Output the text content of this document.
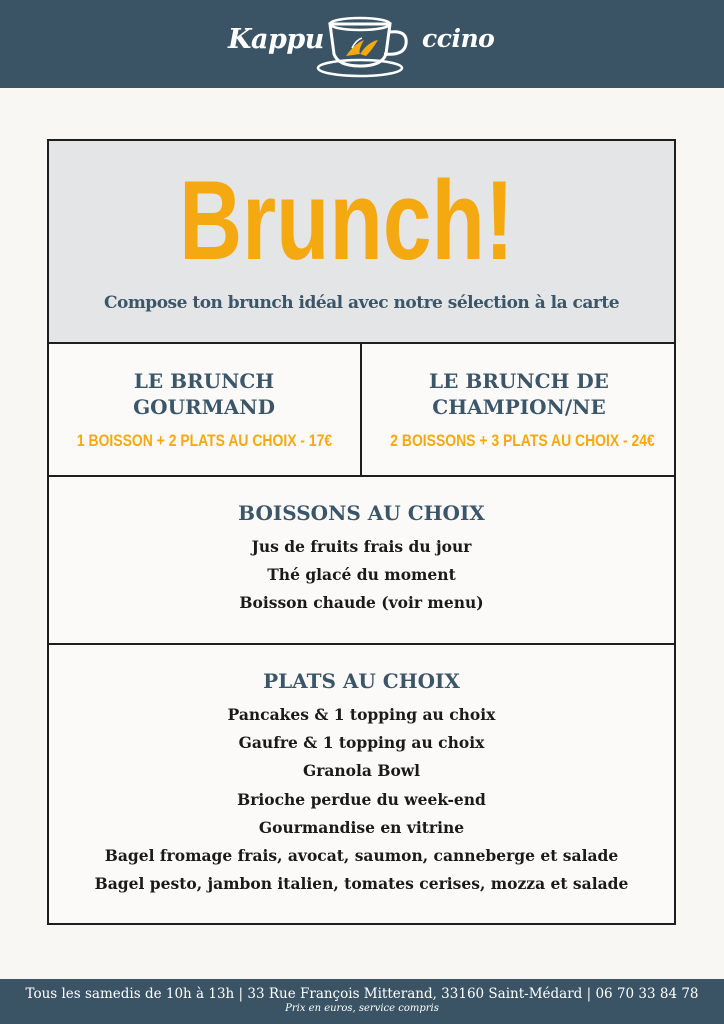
Kappu	ccino
Brunch!
Compose ton brunch idéal avec notre sélection à la carte
LE BRUNCH
GOURMAND
1 BOISSON + 2 PLATS AU CHOIX - 17€
LE BRUNCH DE
CHAMPION/NE
2 BOISSONS + 3 PLATS AU CHOIX - 24€
BOISSONS AU CHOIX
Jus de fruits frais du jour
Thé glacé du moment
Boisson chaude (voir menu)
PLATS AU CHOIX
Pancakes & 1 topping au choix
Gaufre & 1 topping au choix
Granola Bowl
Brioche perdue du week-end
Gourmandise en vitrine
Bagel fromage frais, avocat, saumon, canneberge et salade
Bagel pesto, jambon italien, tomates cerises, mozza et salade
Tous les samedis de 10h à 13h | 33 Rue François Mitterand, 33160 Saint-Médard | 06 70 33 84 78
Prix en euros, service compris
